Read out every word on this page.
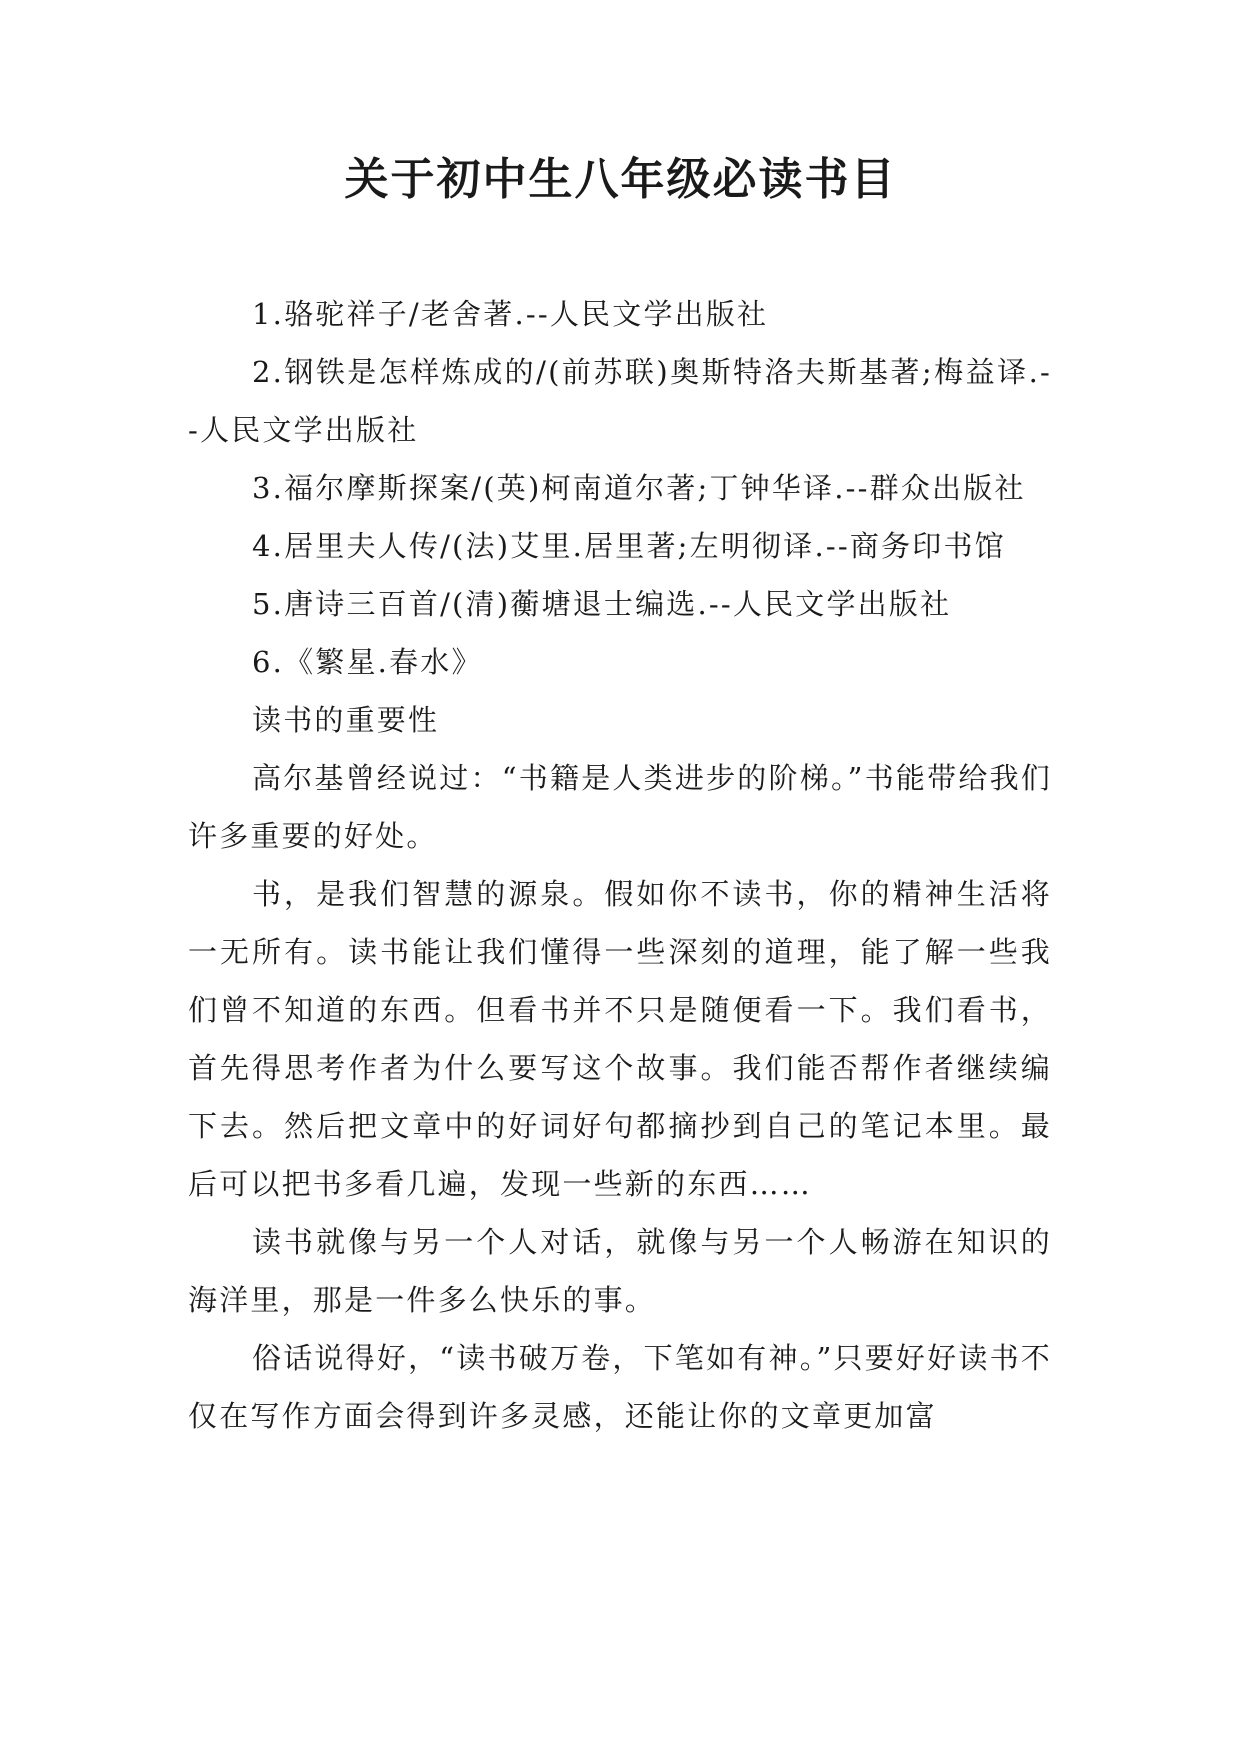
关于初中生八年级必读书目

1.骆驼祥子/老舍著.--人民文学出版社

2.钢铁是怎样炼成的/(前苏联)奥斯特洛夫斯基著;梅益译.--人民文学出版社

3.福尔摩斯探案/(英)柯南道尔著;丁钟华译.--群众出版社

4.居里夫人传/(法)艾里.居里著;左明彻译.--商务印书馆

5.唐诗三百首/(清)蘅塘退士编选.--人民文学出版社

6.《繁星.春水》

读书的重要性

高尔基曾经说过：“书籍是人类进步的阶梯。”书能带给我们许多重要的好处。

书，是我们智慧的源泉。假如你不读书，你的精神生活将一无所有。读书能让我们懂得一些深刻的道理，能了解一些我们曾不知道的东西。但看书并不只是随便看一下。我们看书，首先得思考作者为什么要写这个故事。我们能否帮作者继续编下去。然后把文章中的好词好句都摘抄到自己的笔记本里。最后可以把书多看几遍，发现一些新的东西……

读书就像与另一个人对话，就像与另一个人畅游在知识的海洋里，那是一件多么快乐的事。

俗话说得好，“读书破万卷，下笔如有神。”只要好好读书不仅在写作方面会得到许多灵感，还能让你的文章更加富
